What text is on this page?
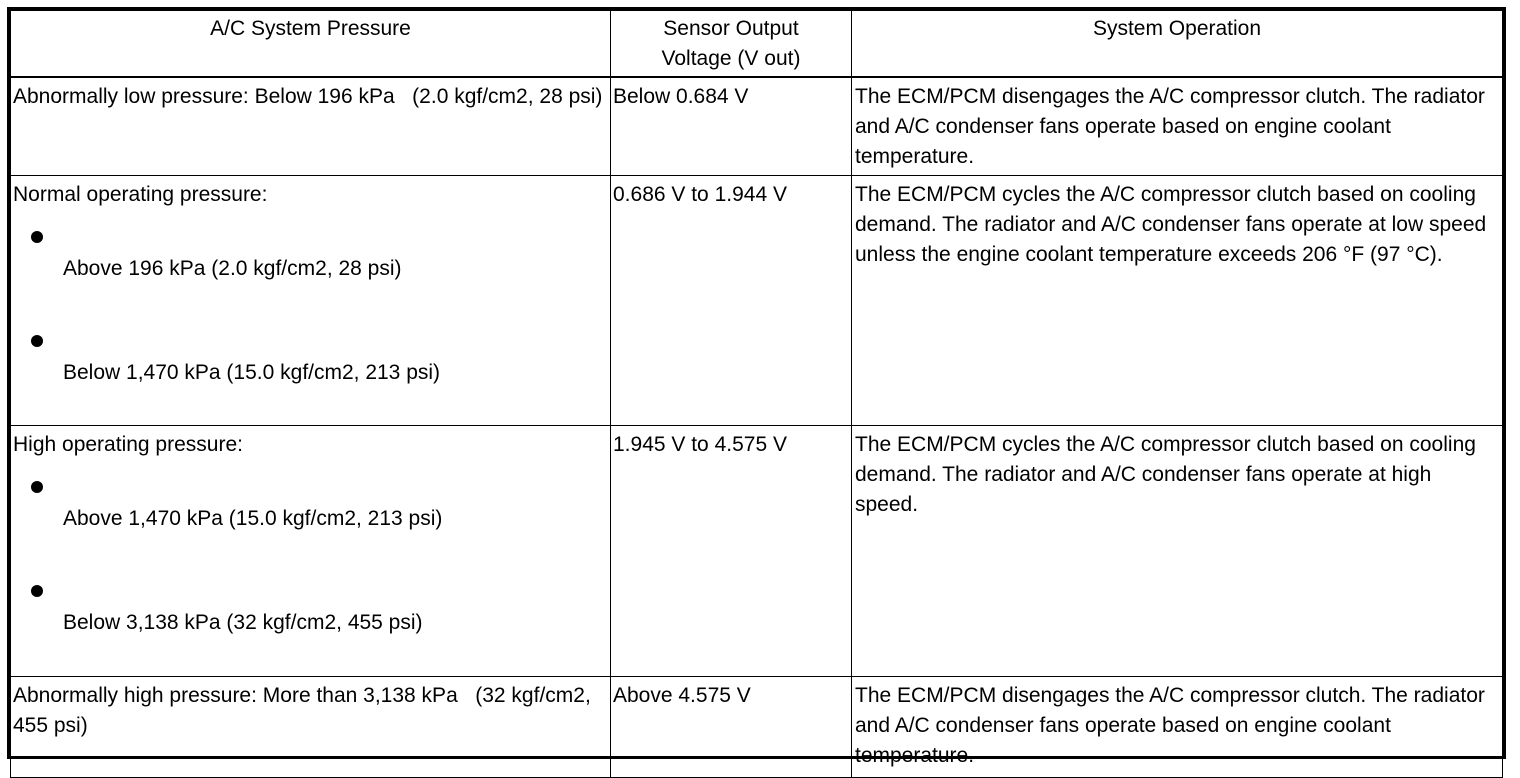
A/C System Pressure	Sensor Output Voltage (V out)	System Operation
Abnormally low pressure: Below 196 kPa   (2.0 kgf/cm2, 28 psi)	Below 0.684 V	The ECM/PCM disengages the A/C compressor clutch. The radiator and A/C condenser fans operate based on engine coolant temperature.

Normal operating pressure:
Above 196 kPa (2.0 kgf/cm2, 28 psi)
Below 1,470 kPa (15.0 kgf/cm2, 213 psi)	0.686 V to 1.944 V	The ECM/PCM cycles the A/C compressor clutch based on cooling demand. The radiator and A/C condenser fans operate at low speed unless the engine coolant temperature exceeds 206 °F (97 °C).

High operating pressure:
Above 1,470 kPa (15.0 kgf/cm2, 213 psi)
Below 3,138 kPa (32 kgf/cm2, 455 psi)	1.945 V to 4.575 V	The ECM/PCM cycles the A/C compressor clutch based on cooling demand. The radiator and A/C condenser fans operate at high speed.
Abnormally high pressure: More than 3,138 kPa   (32 kgf/cm2, 455 psi)	Above 4.575 V	The ECM/PCM disengages the A/C compressor clutch. The radiator and A/C condenser fans operate based on engine coolant temperature.
